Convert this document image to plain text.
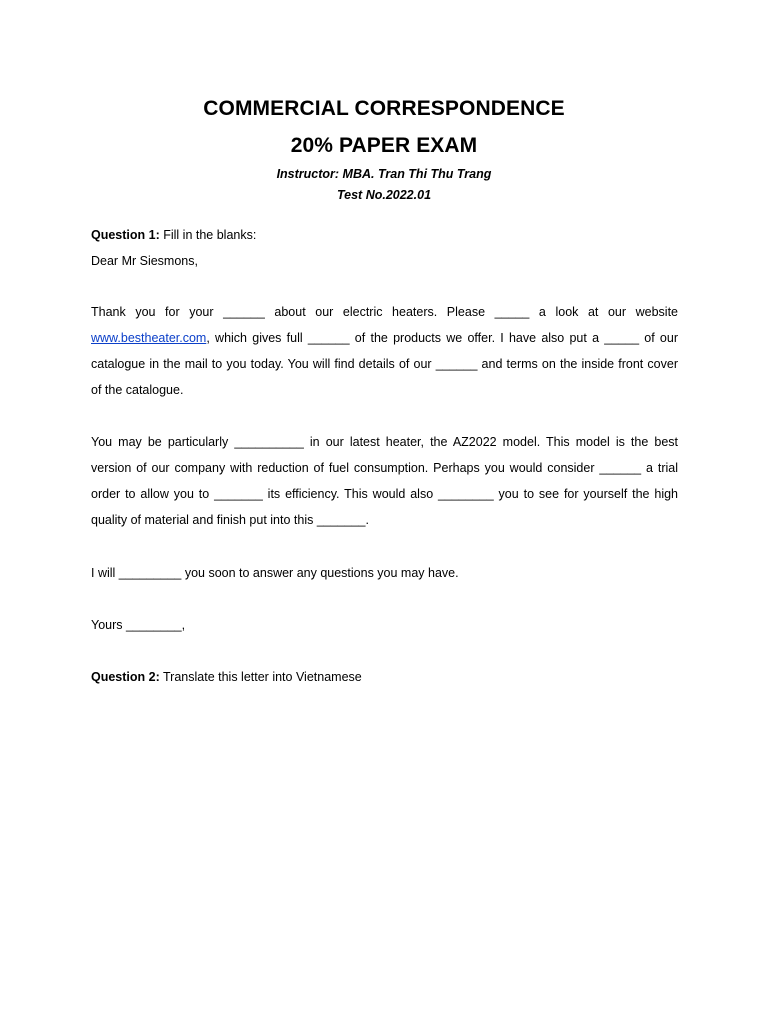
COMMERCIAL CORRESPONDENCE
20% PAPER EXAM
Instructor: MBA. Tran Thi Thu Trang
Test No.2022.01
Question 1: Fill in the blanks:
Dear Mr Siesmons,
Thank you for your ______ about our electric heaters. Please _____ a look at our website www.bestheater.com, which gives full ______ of the products we offer. I have also put a _____ of our catalogue in the mail to you today. You will find details of our ______ and terms on the inside front cover of the catalogue.
You may be particularly __________ in our latest heater, the AZ2022 model. This model is the best version of our company with reduction of fuel consumption. Perhaps you would consider ______ a trial order to allow you to _______ its efficiency. This would also ________ you to see for yourself the high quality of material and finish put into this _______.
I will _________ you soon to answer any questions you may have.
Yours ________,
Question 2: Translate this letter into Vietnamese
